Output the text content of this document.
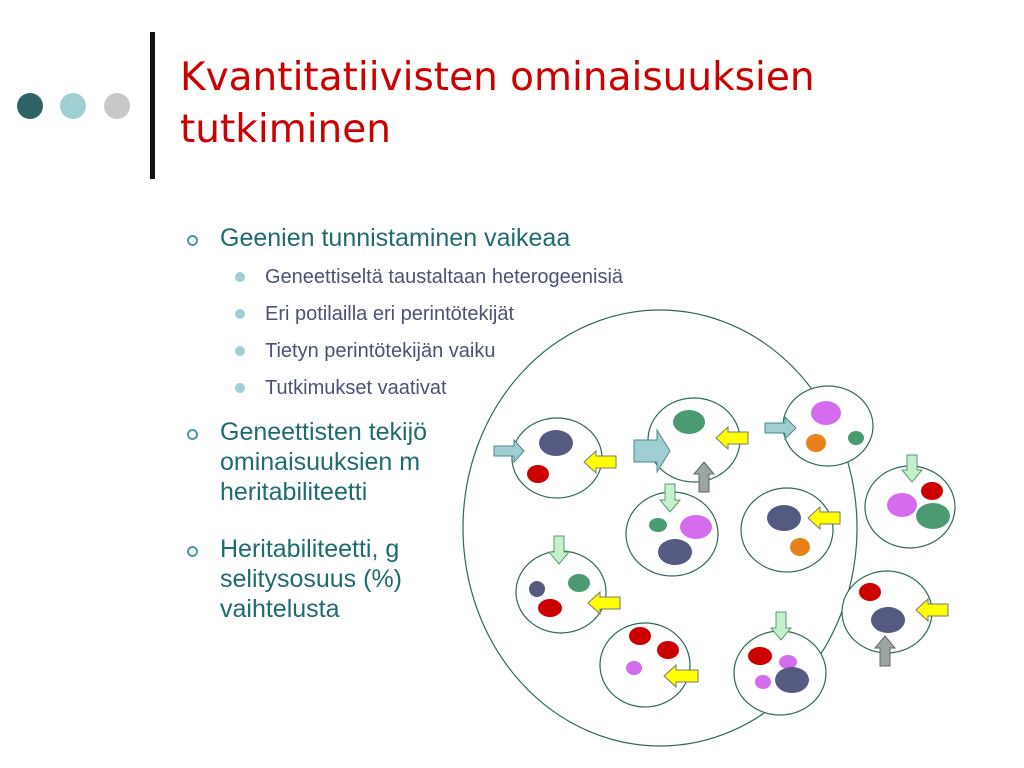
Kvantitatiivisten ominaisuuksien
tutkiminen
Geenien tunnistaminen vaikeaa
Geneettiseltä taustaltaan heterogeenisiä
Eri potilailla eri perintötekijät
Tietyn perintötekijän vaiku
Tutkimukset vaativat
Geneettisten tekijö
ominaisuuksien m
heritabiliteetti
Heritabiliteetti, g
selitysosuus (%)
vaihtelusta
